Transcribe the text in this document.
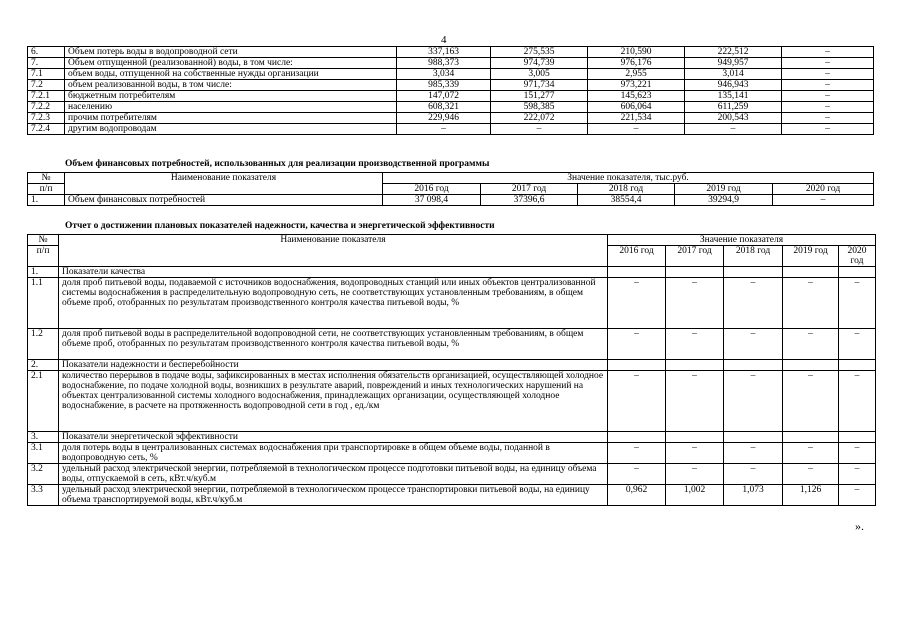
4
6.	Объем потерь воды в водопроводной сети	337,163	275,535	210,590	222,512	–
7.	Объем отпущенной (реализованной) воды, в том числе:	988,373	974,739	976,176	949,957	–
7.1	объем воды, отпущенной на собственные нужды организации	3,034	3,005	2,955	3,014	–
7.2	объем реализованной воды, в том числе:	985,339	971,734	973,221	946,943	–
7.2.1	бюджетным потребителям	147,072	151,277	145,623	135,141	–
7.2.2	населению	608,321	598,385	606,064	611,259	–
7.2.3	прочим потребителям	229,946	222,072	221,534	200,543	–
7.2.4	другим водопроводам	–	–	–	–	–
Объем финансовых потребностей, использованных для реализации производственной программы
№	Наименование показателя	Значение показателя, тыс.руб.				
п/п		2016 год	2017 год	2018 год	2019 год	2020 год
1.	Объем финансовых потребностей	37 098,4	37396,6	38554,4	39294,9	–
Отчет о достижении плановых показателей надежности, качества и энергетической эффективности
№	Наименование показателя	Значение показателя				
п/п		2016 год	2017 год	2018 год	2019 год	2020 год
1.	Показатели качества					
1.1	доля проб питьевой воды, подаваемой с источников водоснабжения, водопроводных станций или иных объектов централизованной системы водоснабжения в распределительную водопроводную сеть, не соответствующих установленным требованиям, в общем объеме проб, отобранных по результатам производственного контроля качества питьевой воды, %	–	–	–	–	–
1.2	доля проб питьевой воды в распределительной водопроводной сети, не соответствующих установленным требованиям, в общем объеме проб, отобранных по результатам производственного контроля качества питьевой воды, %	–	–	–	–	–
2.	Показатели надежности и бесперебойности					
2.1	количество перерывов в подаче воды, зафиксированных в местах исполнения обязательств организацией, осуществляющей холодное водоснабжение, по подаче холодной воды, возникших в результате аварий, повреждений и иных технологических нарушений на объектах централизованной системы холодного водоснабжения, принадлежащих организации, осуществляющей холодное водоснабжение, в расчете на протяженность водопроводной сети в год , ед./км	–	–	–	–	–
3.	Показатели энергетической эффективности					
3.1	доля потерь воды в централизованных системах водоснабжения при транспортировке в общем объеме воды, поданной в водопроводную сеть, %	–	–	–	–	–
3.2	удельный расход электрической энергии, потребляемой в технологическом процессе подготовки питьевой воды, на единицу объема воды, отпускаемой в сеть, кВт.ч/куб.м	–	–	–	–	–
3.3	удельный расход электрической энергии, потребляемой в технологическом процессе транспортировки питьевой воды, на единицу объема транспортируемой воды, кВт.ч/куб.м	0,962	1,002	1,073	1,126	–
».
